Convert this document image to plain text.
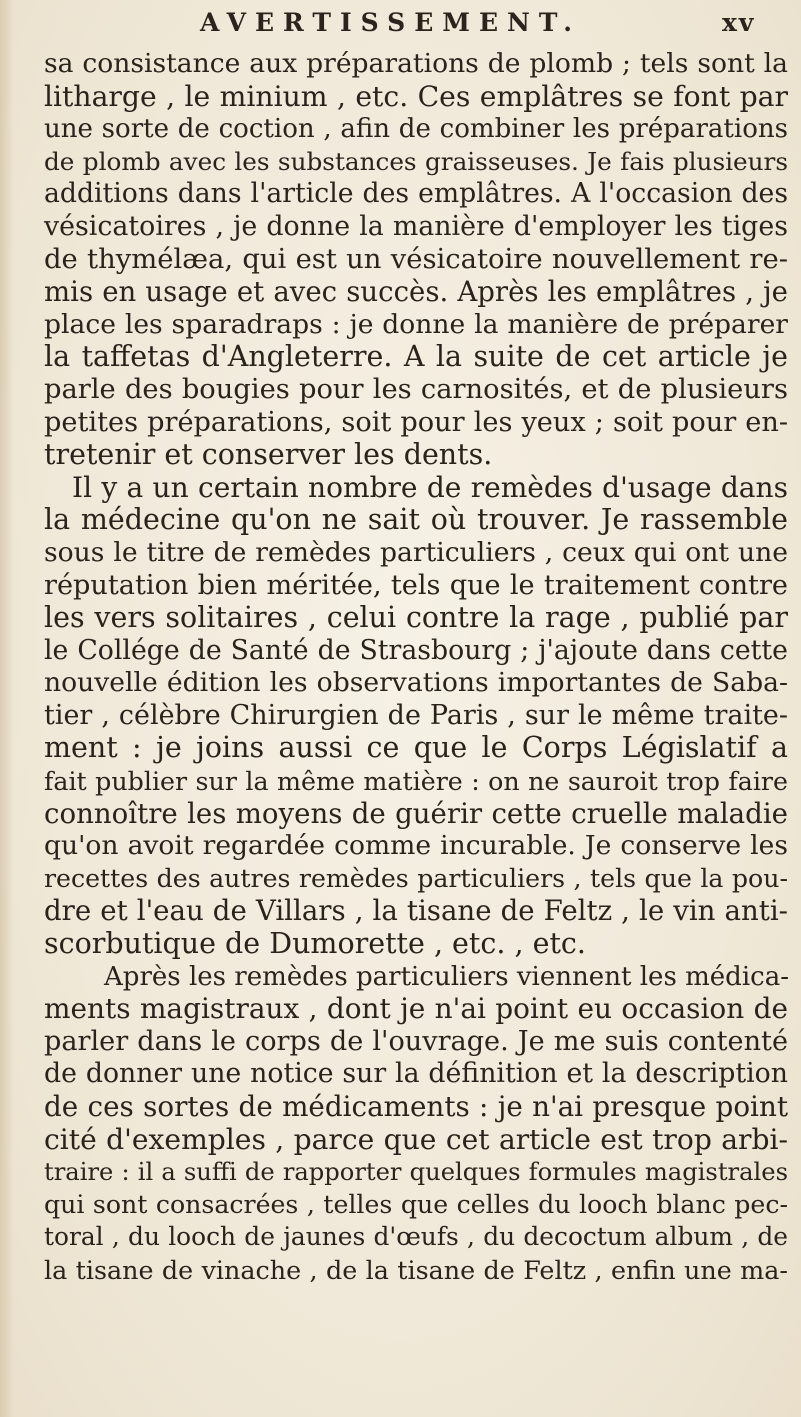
AVERTISSEMENT.	xv
sa consistance aux préparations de plomb ; tels sont la
litharge , le minium , etc. Ces emplâtres se font par
une sorte de coction , afin de combiner les préparations
de plomb avec les substances graisseuses. Je fais plusieurs
additions dans l'article des emplâtres. A l'occasion des
vésicatoires , je donne la manière d'employer les tiges
de thymélæa, qui est un vésicatoire nouvellement re-
mis en usage et avec succès. Après les emplâtres , je
place les sparadraps : je donne la manière de préparer
la taffetas d'Angleterre. A la suite de cet article je
parle des bougies pour les carnosités, et de plusieurs
petites préparations, soit pour les yeux ; soit pour en-
tretenir et conserver les dents.
Il y a un certain nombre de remèdes d'usage dans
la médecine qu'on ne sait où trouver. Je rassemble
sous le titre de remèdes particuliers , ceux qui ont une
réputation bien méritée, tels que le traitement contre
les vers solitaires , celui contre la rage , publié par
le Collége de Santé de Strasbourg ; j'ajoute dans cette
nouvelle édition les observations importantes de Saba-
tier , célèbre Chirurgien de Paris , sur le même traite-
ment : je joins aussi ce que le Corps Législatif a
fait publier sur la même matière : on ne sauroit trop faire
connoître les moyens de guérir cette cruelle maladie
qu'on avoit regardée comme incurable. Je conserve les
recettes des autres remèdes particuliers , tels que la pou-
dre et l'eau de Villars , la tisane de Feltz , le vin anti-
scorbutique de Dumorette , etc. , etc.
Après les remèdes particuliers viennent les médica-
ments magistraux , dont je n'ai point eu occasion de
parler dans le corps de l'ouvrage. Je me suis contenté
de donner une notice sur la définition et la description
de ces sortes de médicaments : je n'ai presque point
cité d'exemples , parce que cet article est trop arbi-
traire : il a suffi de rapporter quelques formules magistrales
qui sont consacrées , telles que celles du looch blanc pec-
toral , du looch de jaunes d'œufs , du decoctum album , de
la tisane de vinache , de la tisane de Feltz , enfin une ma-
